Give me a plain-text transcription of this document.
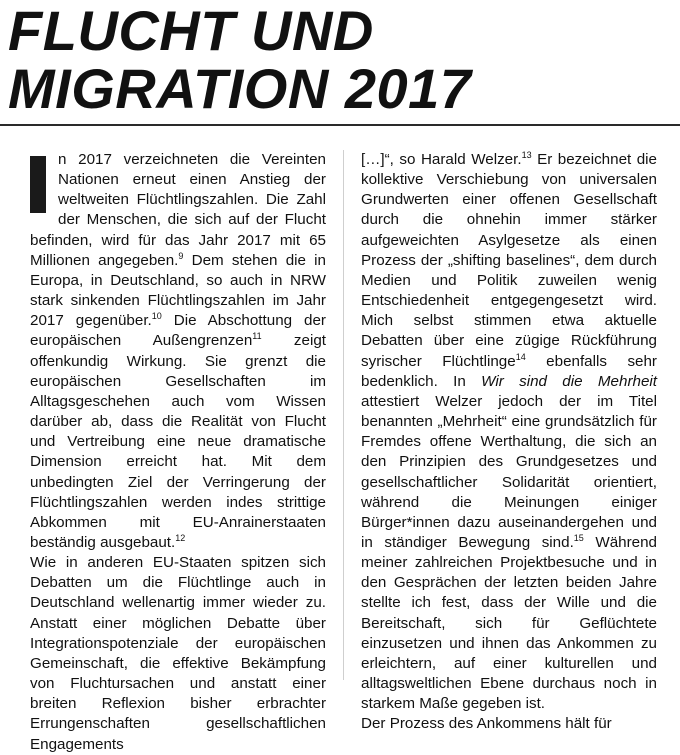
FLUCHT UND
MIGRATION 2017

n 2017 verzeichneten die Vereinten Nationen erneut einen Anstieg der weltweiten Flüchtlingszahlen. Die Zahl der Menschen, die sich auf der Flucht befinden, wird für das Jahr 2017 mit 65 Millionen angegeben.$^9$ Dem stehen die in Europa, in Deutschland, so auch in NRW stark sinkenden Flüchtlingszahlen im Jahr 2017 gegenüber.$^{10}$ Die Abschottung der europäischen Außengrenzen$^{11}$ zeigt offenkundig Wirkung. Sie grenzt die europäischen Gesellschaften im Alltagsgeschehen auch vom Wissen darüber ab, dass die Realität von Flucht und Vertreibung eine neue dramatische Dimension erreicht hat. Mit dem unbedingten Ziel der Verringerung der Flüchtlingszahlen werden indes strittige Abkommen mit EU-Anrainerstaaten beständig ausgebaut.$^{12}$

Wie in anderen EU-Staaten spitzen sich Debatten um die Flüchtlinge auch in Deutschland wellenartig immer wieder zu. Anstatt einer möglichen Debatte über Integrationspotenziale der europäischen Gemeinschaft, die effektive Bekämpfung von Fluchtursachen und anstatt einer breiten Reflexion bisher erbrachter Errungenschaften gesellschaftlichen Engagements

[…]“, so Harald Welzer.$^{13}$ Er bezeichnet die kollektive Verschiebung von universalen Grundwerten einer offenen Gesellschaft durch die ohnehin immer stärker aufgeweichten Asylgesetze als einen Prozess der „shifting baselines“, dem durch Medien und Politik zuweilen wenig Entschiedenheit entgegengesetzt wird. Mich selbst stimmen etwa aktuelle Debatten über eine zügige Rückführung syrischer Flüchtlinge$^{14}$ ebenfalls sehr bedenklich. In Wir sind die Mehrheit attestiert Welzer jedoch der im Titel benannten „Mehrheit“ eine grundsätzlich für Fremdes offene Werthaltung, die sich an den Prinzipien des Grundgesetzes und gesellschaftlicher Solidarität orientiert, während die Meinungen einiger Bürger*innen dazu auseinandergehen und in ständiger Bewegung sind.$^{15}$ Während meiner zahlreichen Projektbesuche und in den Gesprächen der letzten beiden Jahre stellte ich fest, dass der Wille und die Bereitschaft, sich für Geflüchtete einzusetzen und ihnen das Ankommen zu erleichtern, auf einer kulturellen und alltagsweltlichen Ebene durchaus noch in starkem Maße gegeben ist.

Der Prozess des Ankommens hält für
